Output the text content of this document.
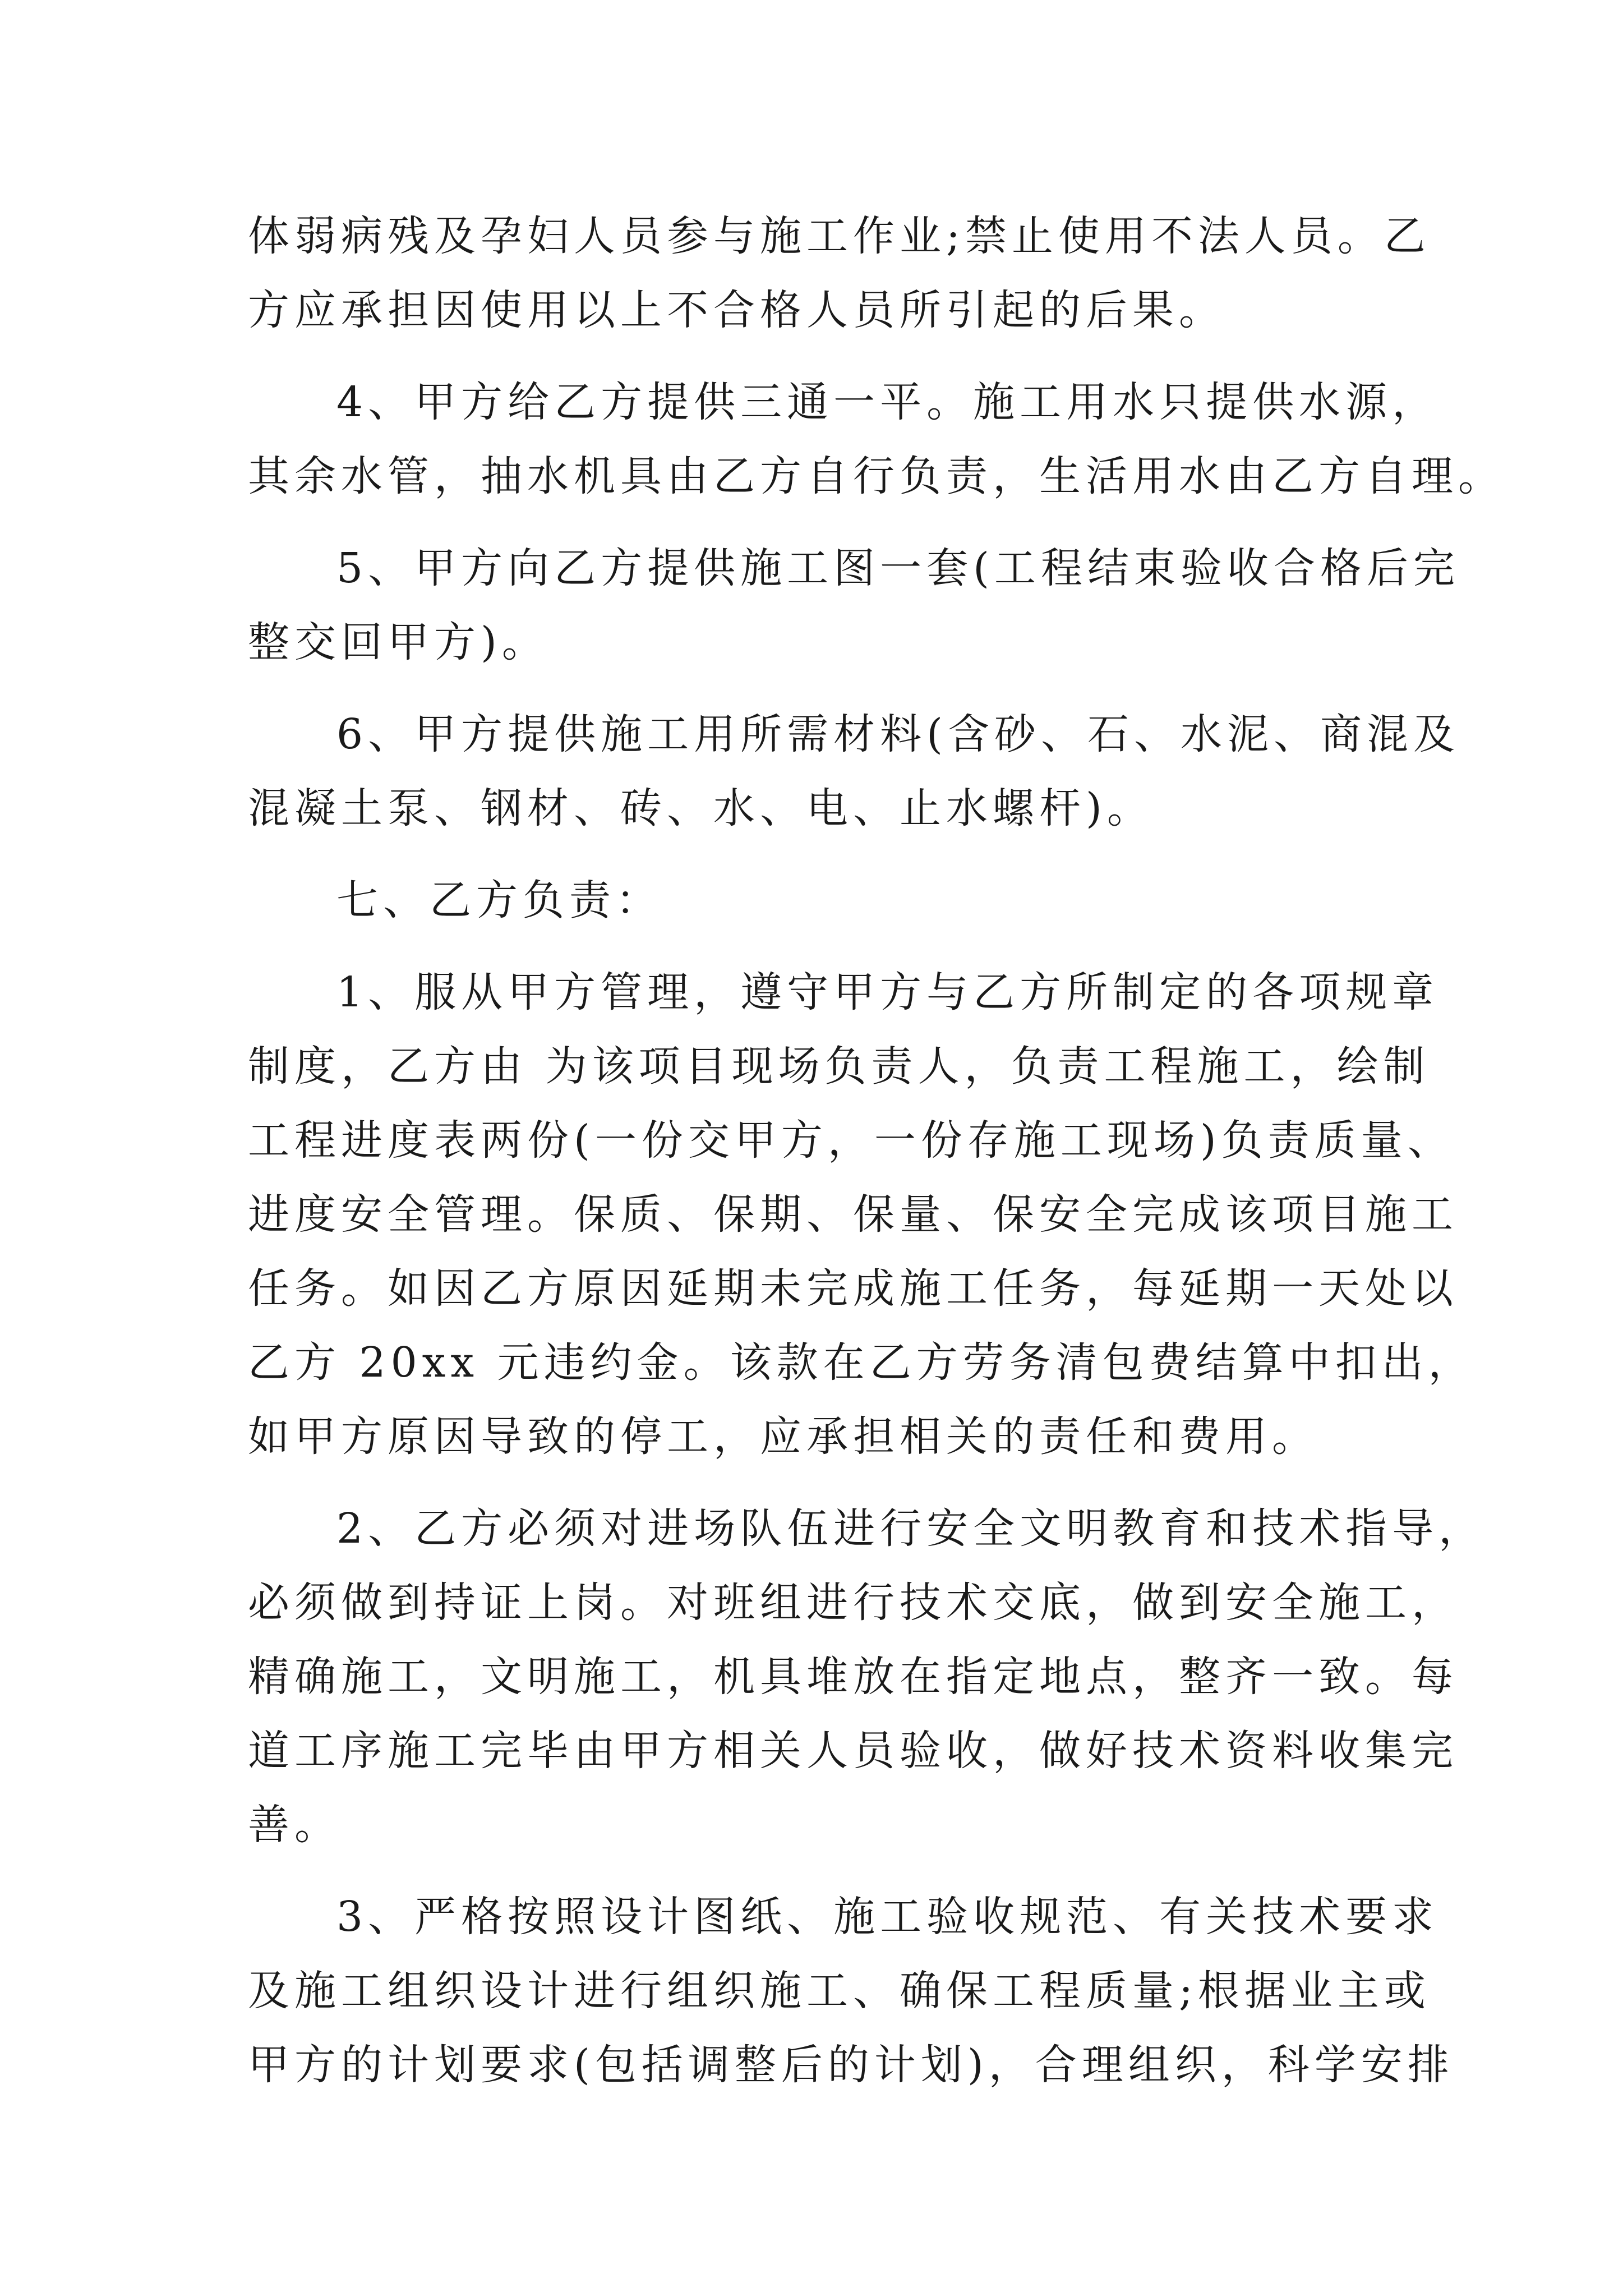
体弱病残及孕妇人员参与施工作业;禁止使用不法人员。乙
方应承担因使用以上不合格人员所引起的后果。
4、甲方给乙方提供三通一平。施工用水只提供水源，
其余水管，抽水机具由乙方自行负责，生活用水由乙方自理。
5、甲方向乙方提供施工图一套(工程结束验收合格后完
整交回甲方)。
6、甲方提供施工用所需材料(含砂、石、水泥、商混及
混凝土泵、钢材、砖、水、电、止水螺杆)。
七、乙方负责：
1、服从甲方管理，遵守甲方与乙方所制定的各项规章
制度，乙方由 为该项目现场负责人，负责工程施工，绘制
工程进度表两份(一份交甲方，一份存施工现场)负责质量、
进度安全管理。保质、保期、保量、保安全完成该项目施工
任务。如因乙方原因延期未完成施工任务，每延期一天处以
乙方 20xx 元违约金。该款在乙方劳务清包费结算中扣出，
如甲方原因导致的停工，应承担相关的责任和费用。
2、乙方必须对进场队伍进行安全文明教育和技术指导，
必须做到持证上岗。对班组进行技术交底，做到安全施工，
精确施工，文明施工，机具堆放在指定地点，整齐一致。每
道工序施工完毕由甲方相关人员验收，做好技术资料收集完
善。
3、严格按照设计图纸、施工验收规范、有关技术要求
及施工组织设计进行组织施工、确保工程质量;根据业主或
甲方的计划要求(包括调整后的计划)，合理组织，科学安排
